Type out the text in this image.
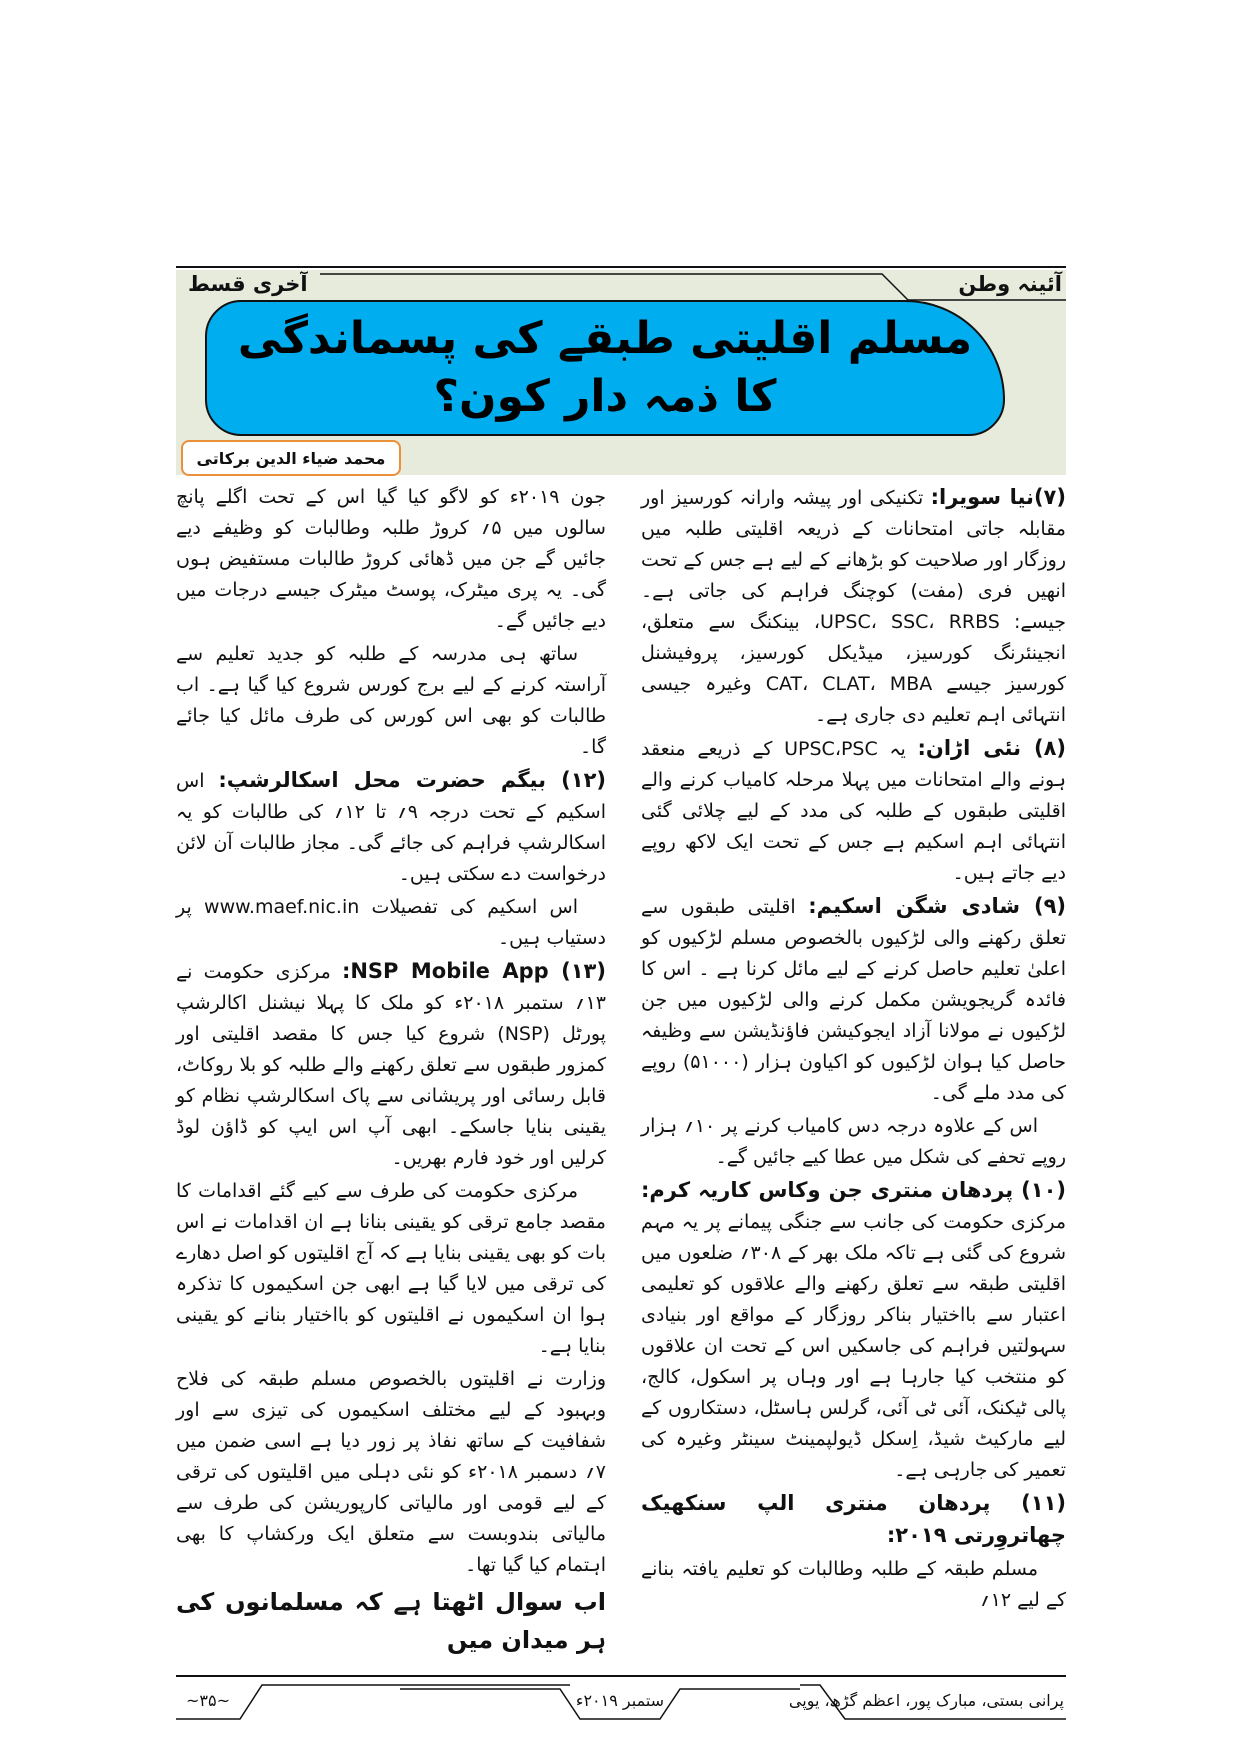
آئینہ وطن
آخری قسط
مسلم اقلیتی طبقے کی پسماندگی کا ذمہ دار کون؟
محمد ضیاء الدین برکاتی

(۷)نیا سویرا: تکنیکی اور پیشہ وارانہ کورسیز اور مقابلہ جاتی امتحانات کے ذریعہ اقلیتی طلبہ میں روزگار اور صلاحیت کو بڑھانے کے لیے ہے جس کے تحت انھیں فری (مفت) کوچنگ فراہم کی جاتی ہے۔ جیسے: UPSC، SSC، RRBS، بینکنگ سے متعلق، انجینئرنگ کورسیز، میڈیکل کورسیز، پروفیشنل کورسیز جیسے CAT، CLAT، MBA وغیرہ جیسی انتہائی اہم تعلیم دی جاری ہے۔

(۸) نئی اڑان: یہ UPSC،PSC کے ذریعے منعقد ہونے والے امتحانات میں پہلا مرحلہ کامیاب کرنے والے اقلیتی طبقوں کے طلبہ کی مدد کے لیے چلائی گئی انتہائی اہم اسکیم ہے جس کے تحت ایک لاکھ روپے دیے جاتے ہیں۔

(۹) شادی شگن اسکیم: اقلیتی طبقوں سے تعلق رکھنے والی لڑکیوں بالخصوص مسلم لڑکیوں کو اعلیٰ تعلیم حاصل کرنے کے لیے مائل کرنا ہے ۔ اس کا فائدہ گریجویشن مکمل کرنے والی لڑکیوں میں جن لڑکیوں نے مولانا آزاد ایجوکیشن فاؤنڈیشن سے وظیفہ حاصل کیا ہوان لڑکیوں کو اکیاون ہزار (۵۱۰۰۰) روپے کی مدد ملے گی۔

اس کے علاوہ درجہ دس کامیاب کرنے پر ۱۰؍ ہزار روپے تحفے کی شکل میں عطا کیے جائیں گے۔

(۱۰) پردھان منتری جن وکاس کاریہ کرم: مرکزی حکومت کی جانب سے جنگی پیمانے پر یہ مہم شروع کی گئی ہے تاکہ ملک بھر کے ۳۰۸؍ ضلعوں میں اقلیتی طبقہ سے تعلق رکھنے والے علاقوں کو تعلیمی اعتبار سے بااختیار بناکر روزگار کے مواقع اور بنیادی سہولتیں فراہم کی جاسکیں اس کے تحت ان علاقوں کو منتخب کیا جارہا ہے اور وہاں پر اسکول، کالج، پالی ٹیکنک، آئی ٹی آئی، گرلس ہاسٹل، دستکاروں کے لیے مارکیٹ شیڈ، اِسکل ڈیولپمینٹ سینٹر وغیرہ کی تعمیر کی جارہی ہے۔

(۱۱) پردھان منتری الپ سنکھیک چھاتروِرتی ۲۰۱۹:

مسلم طبقہ کے طلبہ وطالبات کو تعلیم یافتہ بنانے کے لیے ۱۲؍

جون ۲۰۱۹ء کو لاگو کیا گیا اس کے تحت اگلے پانچ سالوں میں ۵؍ کروڑ طلبہ وطالبات کو وظیفے دیے جائیں گے جن میں ڈھائی کروڑ طالبات مستفیض ہوں گی۔ یہ پری میٹرک، پوسٹ میٹرک جیسے درجات میں دیے جائیں گے۔

ساتھ ہی مدرسہ کے طلبہ کو جدید تعلیم سے آراستہ کرنے کے لیے برج کورس شروع کیا گیا ہے۔ اب طالبات کو بھی اس کورس کی طرف مائل کیا جائے گا۔

(۱۲) بیگم حضرت محل اسکالرشپ: اس اسکیم کے تحت درجہ ۹؍ تا ۱۲؍ کی طالبات کو یہ اسکالرشپ فراہم کی جائے گی۔ مجاز طالبات آن لائن درخواست دے سکتی ہیں۔

اس اسکیم کی تفصیلات www.maef.nic.in پر دستیاب ہیں۔

(۱۳) NSP Mobile App: مرکزی حکومت نے ۱۳؍ ستمبر ۲۰۱۸ء کو ملک کا پہلا نیشنل اکالرشپ پورٹل (NSP) شروع کیا جس کا مقصد اقلیتی اور کمزور طبقوں سے تعلق رکھنے والے طلبہ کو بلا روکاٹ، قابل رسائی اور پریشانی سے پاک اسکالرشپ نظام کو یقینی بنایا جاسکے۔ ابھی آپ اس ایپ کو ڈاؤن لوڈ کرلیں اور خود فارم بھریں۔

مرکزی حکومت کی طرف سے کیے گئے اقدامات کا مقصد جامع ترقی کو یقینی بنانا ہے ان اقدامات نے اس بات کو بھی یقینی بنایا ہے کہ آج اقلیتوں کو اصل دھارے کی ترقی میں لایا گیا ہے ابھی جن اسکیموں کا تذکرہ ہوا ان اسکیموں نے اقلیتوں کو بااختیار بنانے کو یقینی بنایا ہے۔

وزارت نے اقلیتوں بالخصوص مسلم طبقہ کی فلاح وبہبود کے لیے مختلف اسکیموں کی تیزی سے اور شفافیت کے ساتھ نفاذ پر زور دیا ہے اسی ضمن میں ۷؍ دسمبر ۲۰۱۸ء کو نئی دہلی میں اقلیتوں کی ترقی کے لیے قومی اور مالیاتی کارپوریشن کی طرف سے مالیاتی بندوبست سے متعلق ایک ورکشاپ کا بھی اہتمام کیا گیا تھا۔

اب سوال اٹھتا ہے کہ مسلمانوں کی ہر میدان میں

پرانی بستی، مبارک پور، اعظم گڑھ، یوپی
ستمبر ۲۰۱۹ء
~۳۵~
